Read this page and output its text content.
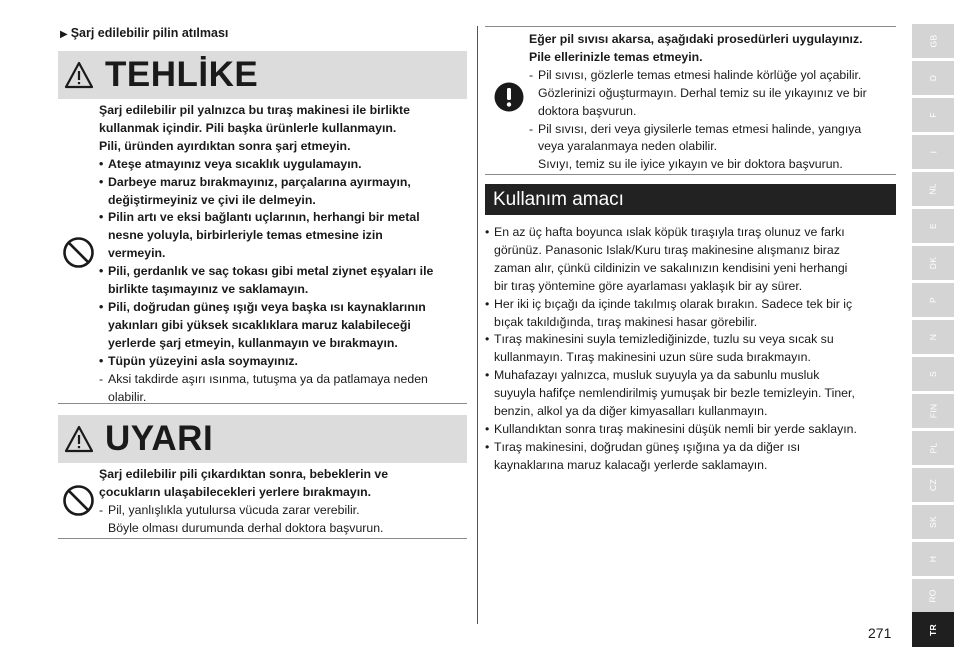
▶ Şarj edilebilir pilin atılması
TEHLİKE
Şarj edilebilir pil yalnızca bu tıraş makinesi ile birlikte
kullanmak içindir. Pili başka ürünlerle kullanmayın.
Pili, üründen ayırdıktan sonra şarj etmeyin.
• Ateşe atmayınız veya sıcaklık uygulamayın.
• Darbeye maruz bırakmayınız, parçalarına ayırmayın,
değiştirmeyiniz ve çivi ile delmeyin.
• Pilin artı ve eksi bağlantı uçlarının, herhangi bir metal
nesne yoluyla, birbirleriyle temas etmesine izin
vermeyin.
• Pili, gerdanlık ve saç tokası gibi metal ziynet eşyaları ile
birlikte taşımayınız ve saklamayın.
• Pili, doğrudan güneş ışığı veya başka ısı kaynaklarının
yakınları gibi yüksek sıcaklıklara maruz kalabileceği
yerlerde şarj etmeyin, kullanmayın ve bırakmayın.
• Tüpün yüzeyini asla soymayınız.
- Aksi takdirde aşırı ısınma, tutuşma ya da patlamaya neden
olabilir.
UYARI
Şarj edilebilir pili çıkardıktan sonra, bebeklerin ve
çocukların ulaşabilecekleri yerlere bırakmayın.
- Pil, yanlışlıkla yutulursa vücuda zarar verebilir.
Böyle olması durumunda derhal doktora başvurun.
Eğer pil sıvısı akarsa, aşağıdaki prosedürleri uygulayınız.
Pile ellerinizle temas etmeyin.
- Pil sıvısı, gözlerle temas etmesi halinde körlüğe yol açabilir.
Gözlerinizi oğuşturmayın. Derhal temiz su ile yıkayınız ve bir
doktora başvurun.
- Pil sıvısı, deri veya giysilerle temas etmesi halinde, yangıya
veya yaralanmaya neden olabilir.
Sıvıyı, temiz su ile iyice yıkayın ve bir doktora başvurun.
Kullanım amacı
• En az üç hafta boyunca ıslak köpük tıraşıyla tıraş olunuz ve farkı
görünüz. Panasonic Islak/Kuru tıraş makinesine alışmanız biraz
zaman alır, çünkü cildinizin ve sakalınızın kendisini yeni herhangi
bir tıraş yöntemine göre ayarlaması yaklaşık bir ay sürer.
• Her iki iç bıçağı da içinde takılmış olarak bırakın. Sadece tek bir iç
bıçak takıldığında, tıraş makinesi hasar görebilir.
• Tıraş makinesini suyla temizlediğinizde, tuzlu su veya sıcak su
kullanmayın. Tıraş makinesini uzun süre suda bırakmayın.
• Muhafazayı yalnızca, musluk suyuyla ya da sabunlu musluk
suyuyla hafifçe nemlendirilmiş yumuşak bir bezle temizleyin. Tiner,
benzin, alkol ya da diğer kimyasalları kullanmayın.
• Kullandıktan sonra tıraş makinesini düşük nemli bir yerde saklayın.
• Tıraş makinesini, doğrudan güneş ışığına ya da diğer ısı
kaynaklarına maruz kalacağı yerlerde saklamayın.
GB
D
F
I
NL
E
DK
P
N
S
FIN
PL
CZ
SK
H
RO
TR
271
